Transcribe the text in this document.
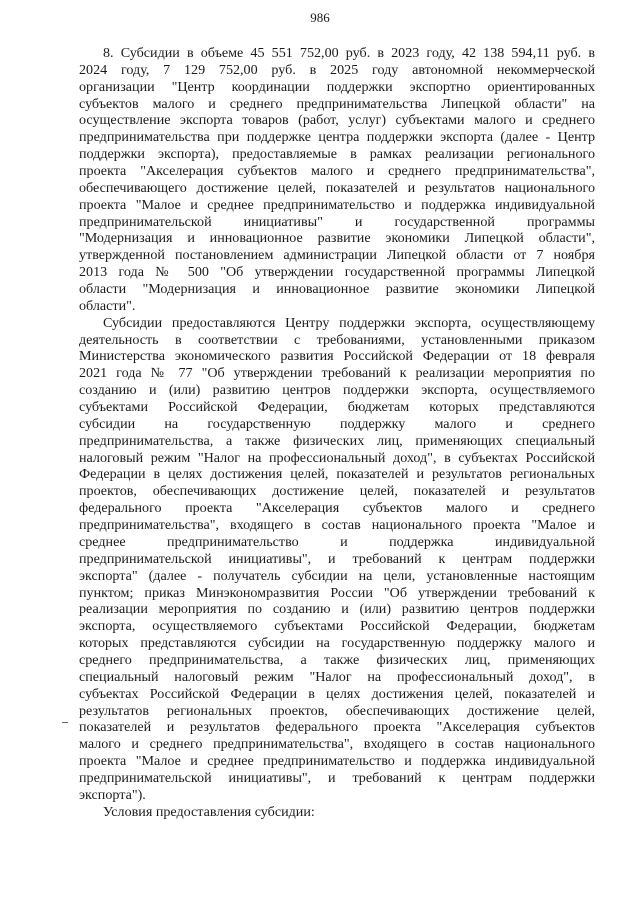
986
8. Субсидии в объеме 45 551 752,00 руб. в 2023 году, 42 138 594,11 руб. в
2024 году, 7 129 752,00 руб. в 2025 году автономной некоммерческой
организации "Центр координации поддержки экспортно ориентированных
субъектов малого и среднего предпринимательства Липецкой области" на
осуществление экспорта товаров (работ, услуг) субъектами малого и среднего
предпринимательства при поддержке центра поддержки экспорта (далее - Центр
поддержки экспорта), предоставляемые в рамках реализации регионального
проекта "Акселерация субъектов малого и среднего предпринимательства",
обеспечивающего достижение целей, показателей и результатов национального
проекта "Малое и среднее предпринимательство и поддержка индивидуальной
предпринимательской инициативы" и государственной программы
"Модернизация и инновационное развитие экономики Липецкой области",
утвержденной постановлением администрации Липецкой области от 7 ноября
2013 года № 500 "Об утверждении государственной программы Липецкой
области "Модернизация и инновационное развитие экономики Липецкой
области".
Субсидии предоставляются Центру поддержки экспорта, осуществляющему
деятельность в соответствии с требованиями, установленными приказом
Министерства экономического развития Российской Федерации от 18 февраля
2021 года № 77 "Об утверждении требований к реализации мероприятия по
созданию и (или) развитию центров поддержки экспорта, осуществляемого
субъектами Российской Федерации, бюджетам которых представляются
субсидии на государственную поддержку малого и среднего
предпринимательства, а также физических лиц, применяющих специальный
налоговый режим "Налог на профессиональный доход", в субъектах Российской
Федерации в целях достижения целей, показателей и результатов региональных
проектов, обеспечивающих достижение целей, показателей и результатов
федерального проекта "Акселерация субъектов малого и среднего
предпринимательства", входящего в состав национального проекта "Малое и
среднее предпринимательство и поддержка индивидуальной
предпринимательской инициативы", и требований к центрам поддержки
экспорта" (далее - получатель субсидии на цели, установленные настоящим
пунктом; приказ Минэкономразвития России "Об утверждении требований к
реализации мероприятия по созданию и (или) развитию центров поддержки
экспорта, осуществляемого субъектами Российской Федерации, бюджетам
которых представляются субсидии на государственную поддержку малого и
среднего предпринимательства, а также физических лиц, применяющих
специальный налоговый режим "Налог на профессиональный доход", в
субъектах Российской Федерации в целях достижения целей, показателей и
результатов региональных проектов, обеспечивающих достижение целей,
показателей и результатов федерального проекта "Акселерация субъектов
малого и среднего предпринимательства", входящего в состав национального
проекта "Малое и среднее предпринимательство и поддержка индивидуальной
предпринимательской инициативы", и требований к центрам поддержки
экспорта").
Условия предоставления субсидии:
